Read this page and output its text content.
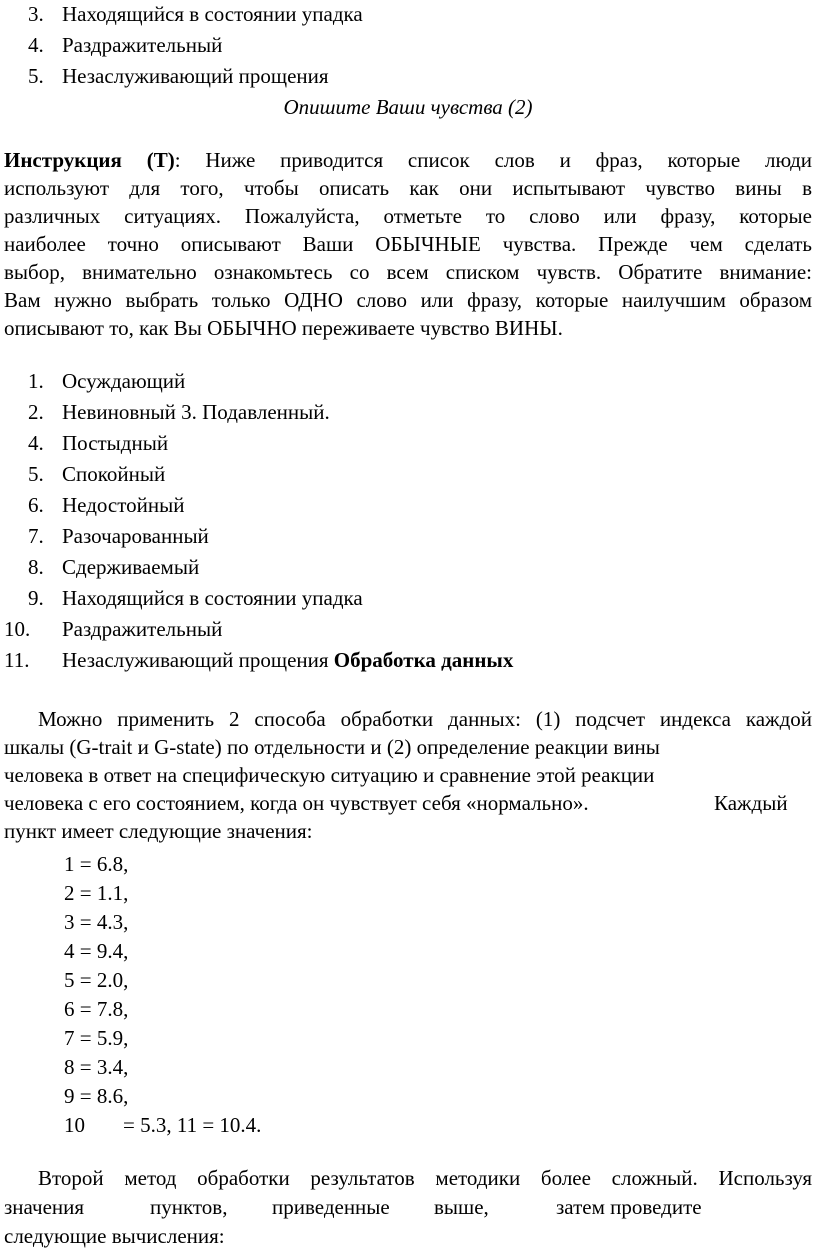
3. Находящийся в состоянии упадка
4. Раздражительный
5. Незаслуживающий прощения
Опишите Ваши чувства (2)
Инструкция (Т): Ниже приводится список слов и фраз, которые люди
используют для того, чтобы описать как они испытывают чувство вины в
различных ситуациях. Пожалуйста, отметьте то слово или фразу, которые
наиболее точно описывают Ваши ОБЫЧНЫЕ чувства. Прежде чем сделать
выбор, внимательно ознакомьтесь со всем списком чувств. Обратите внимание:
Вам нужно выбрать только ОДНО слово или фразу, которые наилучшим образом
описывают то, как Вы ОБЫЧНО переживаете чувство ВИНЫ.
1. Осуждающий
2. Невиновный 3. Подавленный.
4. Постыдный
5. Спокойный
6. Недостойный
7. Разочарованный
8. Сдерживаемый
9. Находящийся в состоянии упадка
10. Раздражительный
11. Незаслуживающий прощения Обработка данных
Можно применить 2 способа обработки данных: (1) подсчет индекса каждой
шкалы (G-trait и G-state) по отдельности и (2) определение реакции вины
человека в ответ на специфическую ситуацию и сравнение этой реакции
человека с его состоянием, когда он чувствует себя «нормально».	Каждый
пункт имеет следующие значения:
1 = 6.8,
2 = 1.1,
3 = 4.3,
4 = 9.4,
5 = 2.0,
6 = 7.8,
7 = 5.9,
8 = 3.4,
9 = 8.6,
10 = 5.3, 11 = 10.4.
Второй метод обработки результатов методики более сложный. Используя
значения	пунктов, приведенные выше,	затем проведите
следующие вычисления:
